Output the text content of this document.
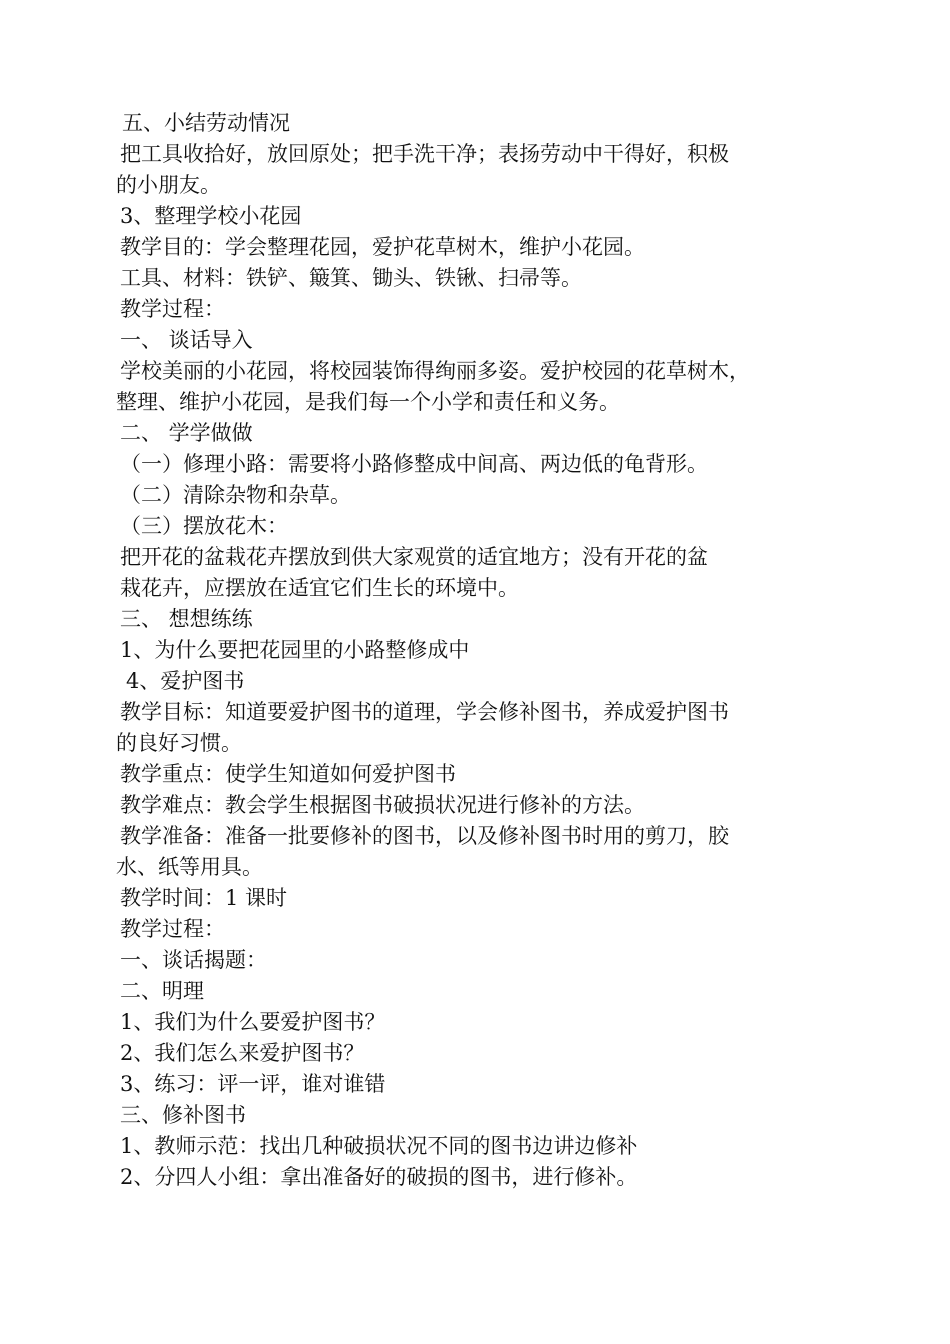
五、小结劳动情况
把工具收拾好，放回原处；把手洗干净；表扬劳动中干得好，积极
的小朋友。
3、整理学校小花园
教学目的：学会整理花园，爱护花草树木，维护小花园。
工具、材料：铁铲、簸箕、锄头、铁锹、扫帚等。
教学过程：
一、 谈话导入
学校美丽的小花园，将校园装饰得绚丽多姿。爱护校园的花草树木，
整理、维护小花园，是我们每一个小学和责任和义务。
二、 学学做做
（一）修理小路：需要将小路修整成中间高、两边低的龟背形。
（二）清除杂物和杂草。
（三）摆放花木：
把开花的盆栽花卉摆放到供大家观赏的适宜地方；没有开花的盆
栽花卉，应摆放在适宜它们生长的环境中。
三、 想想练练
1、为什么要把花园里的小路整修成中
4、爱护图书
教学目标：知道要爱护图书的道理，学会修补图书，养成爱护图书
的良好习惯。
教学重点：使学生知道如何爱护图书
教学难点：教会学生根据图书破损状况进行修补的方法。
教学准备：准备一批要修补的图书，以及修补图书时用的剪刀，胶
水、纸等用具。
教学时间：1 课时
教学过程：
一、谈话揭题：
二、明理
1、我们为什么要爱护图书？
2、我们怎么来爱护图书？
3、练习：评一评，谁对谁错
三、修补图书
1、教师示范：找出几种破损状况不同的图书边讲边修补
2、分四人小组：拿出准备好的破损的图书，进行修补。
